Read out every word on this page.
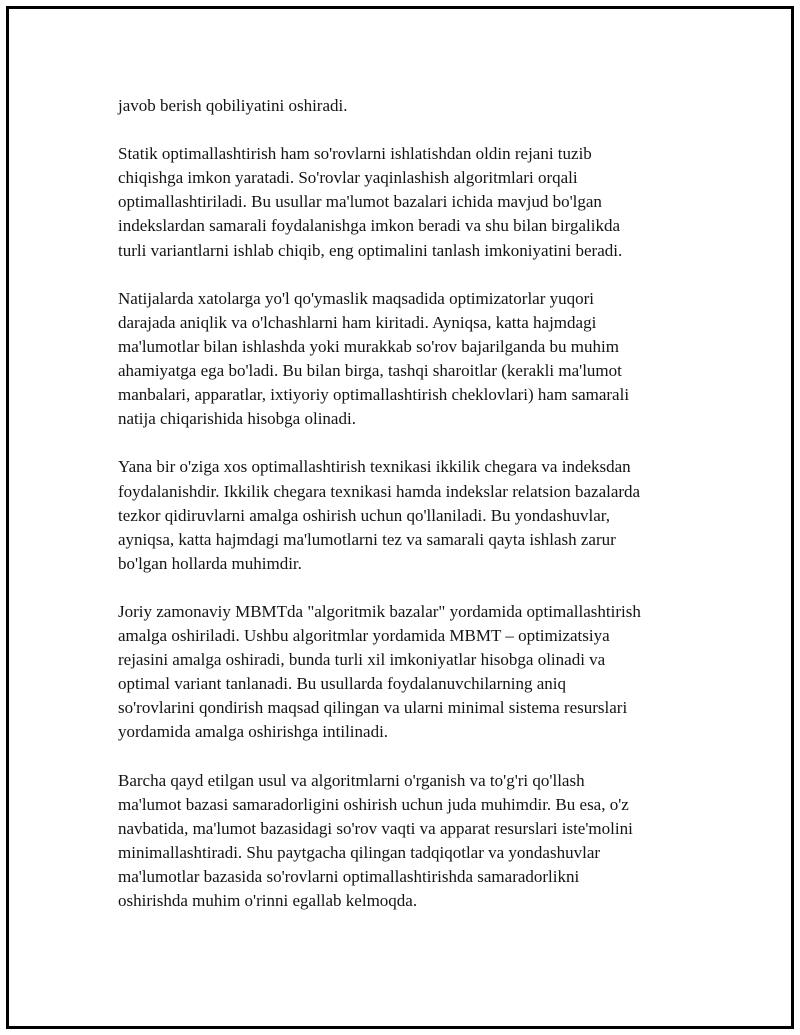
javob berish qobiliyatini oshiradi.
Statik optimallashtirish ham so'rovlarni ishlatishdan oldin rejani tuzib
chiqishga imkon yaratadi. So'rovlar yaqinlashish algoritmlari orqali
optimallashtiriladi. Bu usullar ma'lumot bazalari ichida mavjud bo'lgan
indekslardan samarali foydalanishga imkon beradi va shu bilan birgalikda
turli variantlarni ishlab chiqib, eng optimalini tanlash imkoniyatini beradi.
Natijalarda xatolarga yo'l qo'ymaslik maqsadida optimizatorlar yuqori
darajada aniqlik va o'lchashlarni ham kiritadi. Ayniqsa, katta hajmdagi
ma'lumotlar bilan ishlashda yoki murakkab so'rov bajarilganda bu muhim
ahamiyatga ega bo'ladi. Bu bilan birga, tashqi sharoitlar (kerakli ma'lumot
manbalari, apparatlar, ixtiyoriy optimallashtirish cheklovlari) ham samarali
natija chiqarishida hisobga olinadi.
Yana bir o'ziga xos optimallashtirish texnikasi ikkilik chegara va indeksdan
foydalanishdir. Ikkilik chegara texnikasi hamda indekslar relatsion bazalarda
tezkor qidiruvlarni amalga oshirish uchun qo'llaniladi. Bu yondashuvlar,
ayniqsa, katta hajmdagi ma'lumotlarni tez va samarali qayta ishlash zarur
bo'lgan hollarda muhimdir.
Joriy zamonaviy MBMTda "algoritmik bazalar" yordamida optimallashtirish
amalga oshiriladi. Ushbu algoritmlar yordamida MBMT – optimizatsiya
rejasini amalga oshiradi, bunda turli xil imkoniyatlar hisobga olinadi va
optimal variant tanlanadi. Bu usullarda foydalanuvchilarning aniq
so'rovlarini qondirish maqsad qilingan va ularni minimal sistema resurslari
yordamida amalga oshirishga intilinadi.
Barcha qayd etilgan usul va algoritmlarni o'rganish va to'g'ri qo'llash
ma'lumot bazasi samaradorligini oshirish uchun juda muhimdir. Bu esa, o'z
navbatida, ma'lumot bazasidagi so'rov vaqti va apparat resurslari iste'molini
minimallashtiradi. Shu paytgacha qilingan tadqiqotlar va yondashuvlar
ma'lumotlar bazasida so'rovlarni optimallashtirishda samaradorlikni
oshirishda muhim o'rinni egallab kelmoqda.
